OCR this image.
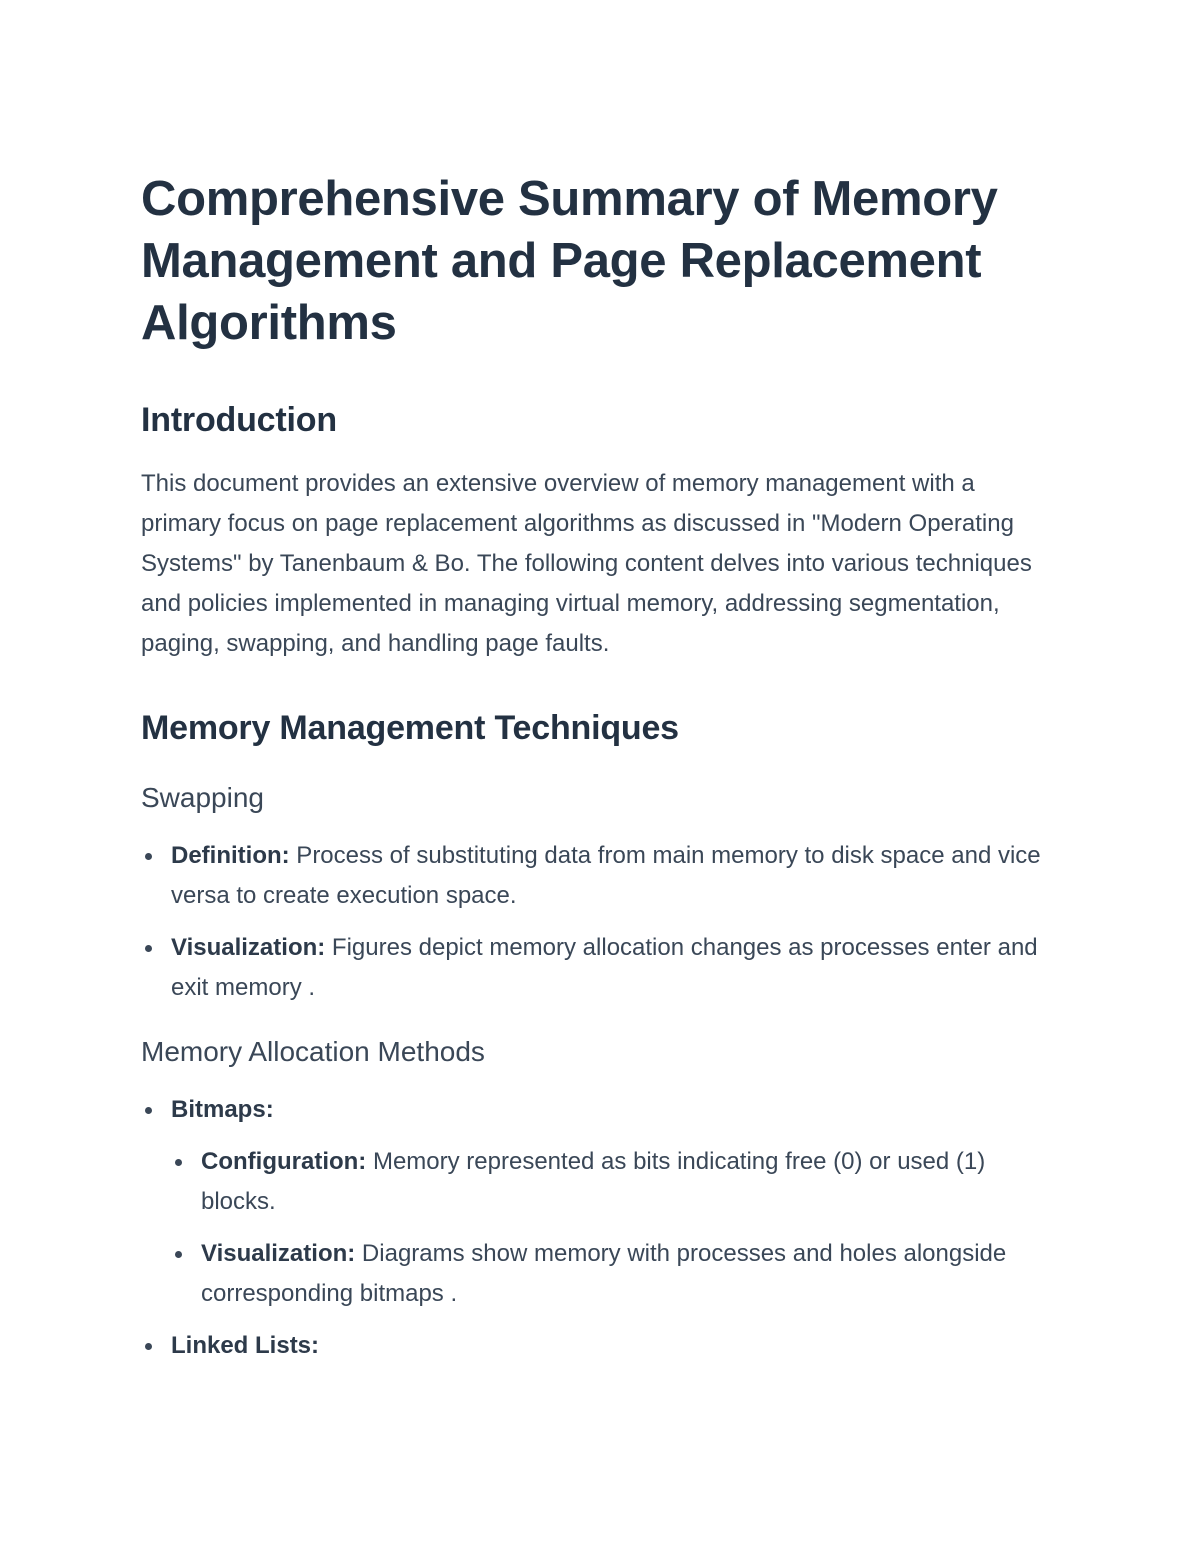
Comprehensive Summary of Memory Management and Page Replacement Algorithms
Introduction

This document provides an extensive overview of memory management with a primary focus on page replacement algorithms as discussed in "Modern Operating Systems" by Tanenbaum & Bo. The following content delves into various techniques and policies implemented in managing virtual memory, addressing segmentation, paging, swapping, and handling page faults.

Memory Management Techniques
Swapping
Definition: Process of substituting data from main memory to disk space and vice versa to create execution space.
Visualization: Figures depict memory allocation changes as processes enter and exit memory .
Memory Allocation Methods
Bitmaps:
Configuration: Memory represented as bits indicating free (0) or used (1) blocks.
Visualization: Diagrams show memory with processes and holes alongside corresponding bitmaps .
Linked Lists:
